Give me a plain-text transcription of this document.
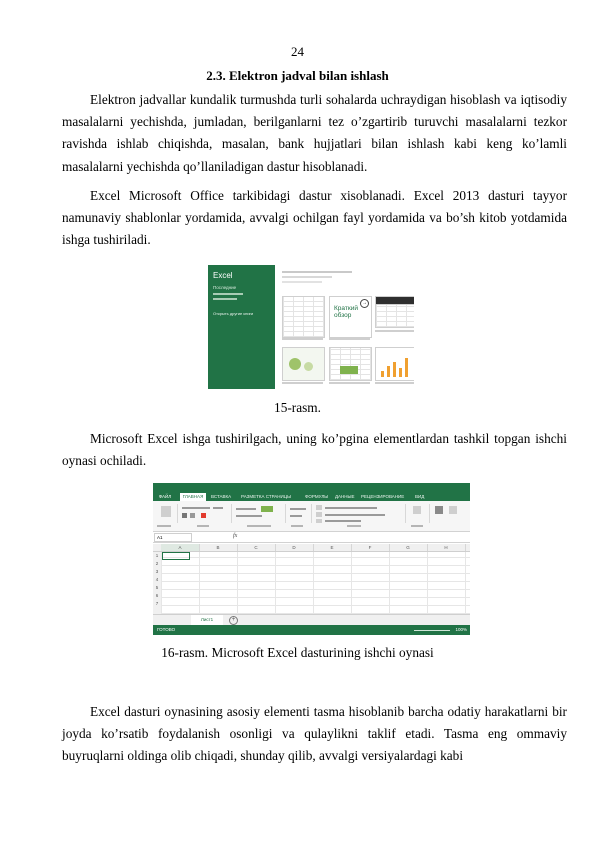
24
2.3. Elektron jadval bilan ishlash

Elektron jadvallar kundalik turmushda turli sohalarda uchraydigan hisoblash va iqtisodiy masalalarni yechishda, jumladan, berilganlarni tez o’zgartirib turuvchi masalalarni tezkor ravishda ishlab chiqishda, masalan, bank hujjatlari bilan ishlash kabi keng ko’lamli masalalarni yechishda qo’llaniladigan dastur hisoblanadi.

Excel Microsoft Office tarkibidagi dastur xisoblanadi. Excel 2013 dasturi tayyor namunaviy shablonlar yordamida, avvalgi ochilgan fayl yordamida va bo’sh kitob yotdamida ishga tushiriladi.

Excel
Последние
Открыть другие книги
→
Краткий обзор
15-rasm.

Microsoft Excel ishga tushirilgach, uning ko’pgina elementlardan tashkil topgan ishchi oynasi ochiladi.

ФАЙЛ	ГЛАВНАЯ	ВСТАВКА РАЗМЕТКА СТРАНИЦЫ	ФОРМУЛЫ ДАННЫЕ РЕЦЕНЗИРОВАНИЕ ВИД
A1	fx
A	B	C	D	E	F	G	H
1
2
3
4
5
6
7
Лист1	+
ГОТОВО	100%
16-rasm. Microsoft Excel dasturining ishchi oynasi

Excel dasturi oynasining asosiy elementi tasma hisoblanib barcha odatiy harakatlarni bir joyda ko’rsatib foydalanish osonligi va qulaylikni taklif etadi. Tasma eng ommaviy buyruqlarni oldinga olib chiqadi, shunday qilib, avvalgi versiyalardagi kabi
